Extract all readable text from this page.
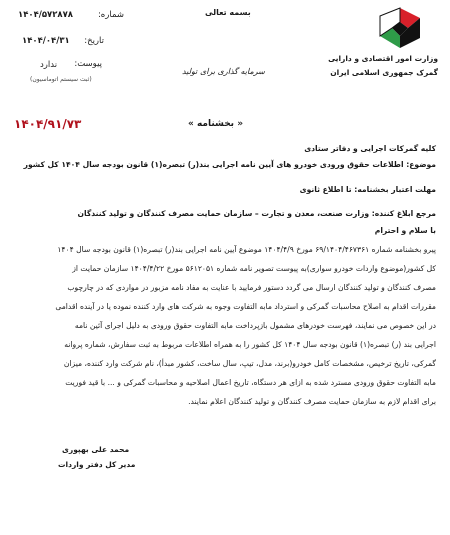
شماره:
۱۴۰۴/۵۷۲۸۷۸
تاریخ:
۱۴۰۴/۰۴/۳۱
پیوست:
ندارد
(ثبت سیستم اتوماسیون)
بسمه تعالی
سرمایه گذاری برای تولید
وزارت امور اقتصادی و دارایی
گمرک جمهوری اسلامی ایران
۱۴۰۴/۹۱/۷۳	« بخشنامه »
کلیه گمرکات اجرایی و دفاتر ستادی
موضوع: اطلاعات حقوق ورودی خودرو های آیین نامه اجرایی بند(ر) تبصره(۱) قانون بودجه سال ۱۴۰۴ کل کشور
مهلت اعتبار بخشنامه: تا اطلاع ثانوی
مرجع ابلاغ کننده: وزارت صنعت، معدن و تجارت – سازمان حمایت مصرف کنندگان و تولید کنندگان
با سلام و احترام
پیرو بخشنامه شماره ۶۹/۱۴۰۴/۴۶۷۳۶۱ مورخ ۱۴۰۴/۴/۹ موضوع آیین نامه اجرایی بند(ر) تبصره(۱) قانون بودجه سال ۱۴۰۴
کل کشور(موضوع واردات خودرو سواری)به پیوست تصویر نامه شماره ۵۶۱۲۰۵۱ مورخ ۱۴۰۴/۴/۲۲ سازمان حمایت از
مصرف کنندگان و تولید کنندگان ارسال می گردد دستور فرمایید با عنایت به مفاد نامه مزبور در مواردی که در چارچوب
مقررات اقدام به اصلاح محاسبات گمرکی و استرداد مابه التفاوت وجوه به شرکت های وارد کننده نموده یا در آینده اقدامی
در این خصوص می نمایند، فهرست خودرهای مشمول بازپرداخت مابه التفاوت حقوق ورودی به دلیل اجرای آئین نامه
اجرایی بند (ر) تبصره(۱) قانون بودجه سال ۱۴۰۴ کل کشور را به همراه اطلاعات مربوط به ثبت سفارش، شماره پروانه
گمرکی، تاریخ ترخیص، مشخصات کامل خودرو(برند، مدل، تیپ، سال ساخت، کشور مبدأ)، نام شرکت وارد کننده، میزان
مابه التفاوت حقوق ورودی مسترد شده به ازای هر دستگاه، تاریخ اعمال اصلاحیه و محاسبات گمرکی و ... با قید فوریت
برای اقدام لازم به سازمان حمایت مصرف کنندگان و تولید کنندگان اعلام نمایند.
محمد علی بهپوری
مدیر کل دفتر واردات
